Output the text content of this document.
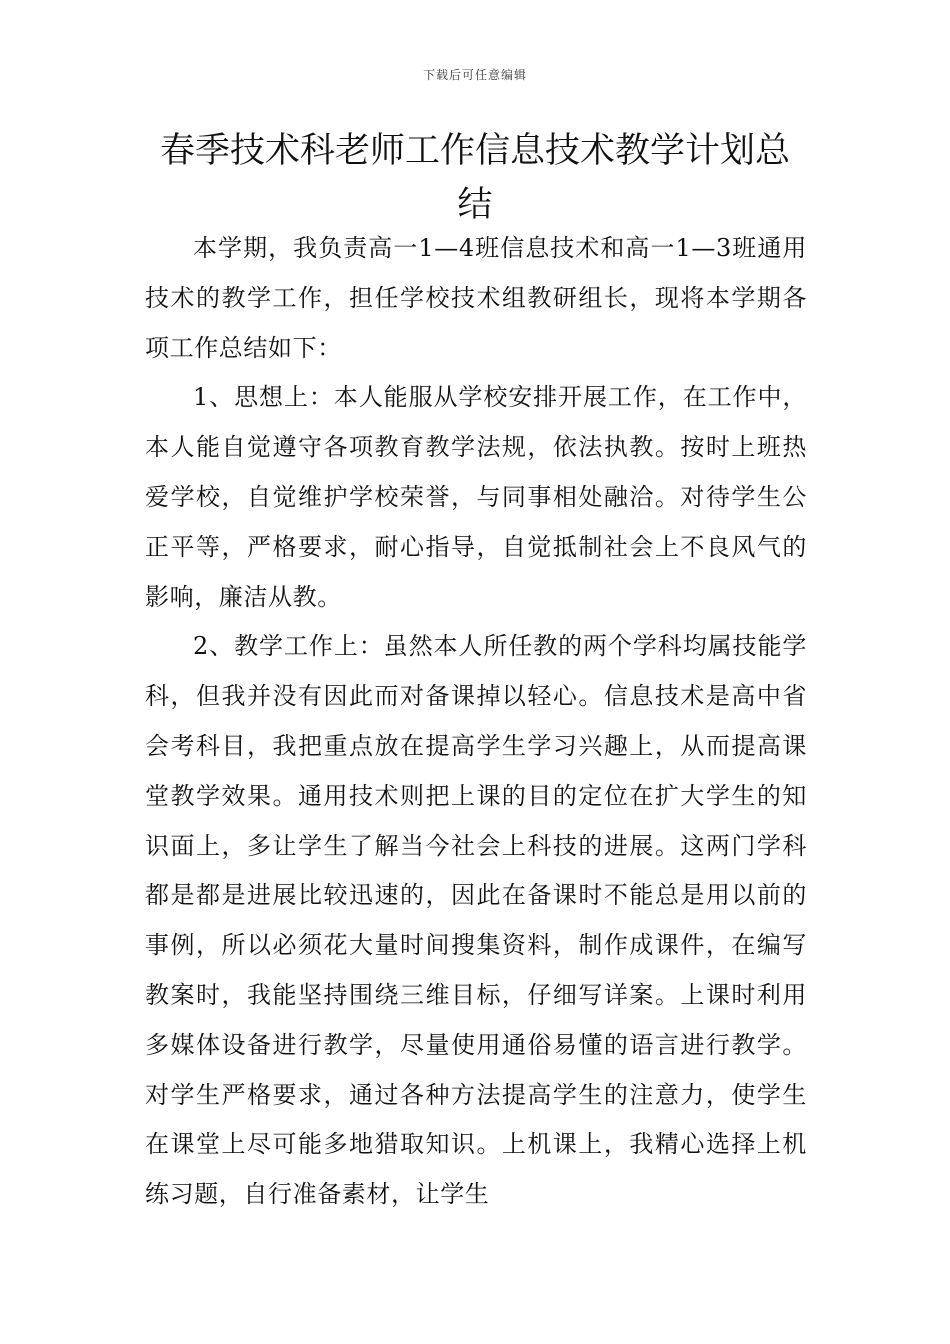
下载后可任意编辑
春季技术科老师工作信息技术教学计划总结

本学期，我负责高一1—4班信息技术和高一1—3班通用技术的教学工作，担任学校技术组教研组长，现将本学期各项工作总结如下：

1、思想上：本人能服从学校安排开展工作，在工作中，本人能自觉遵守各项教育教学法规，依法执教。按时上班热爱学校，自觉维护学校荣誉，与同事相处融洽。对待学生公正平等，严格要求，耐心指导，自觉抵制社会上不良风气的影响，廉洁从教。

2、教学工作上：虽然本人所任教的两个学科均属技能学科，但我并没有因此而对备课掉以轻心。信息技术是高中省会考科目，我把重点放在提高学生学习兴趣上，从而提高课堂教学效果。通用技术则把上课的目的定位在扩大学生的知识面上，多让学生了解当今社会上科技的进展。这两门学科都是都是进展比较迅速的，因此在备课时不能总是用以前的事例，所以必须花大量时间搜集资料，制作成课件，在编写教案时，我能坚持围绕三维目标，仔细写详案。上课时利用多媒体设备进行教学，尽量使用通俗易懂的语言进行教学。对学生严格要求，通过各种方法提高学生的注意力，使学生在课堂上尽可能多地猎取知识。上机课上，我精心选择上机练习题，自行准备素材，让学生
